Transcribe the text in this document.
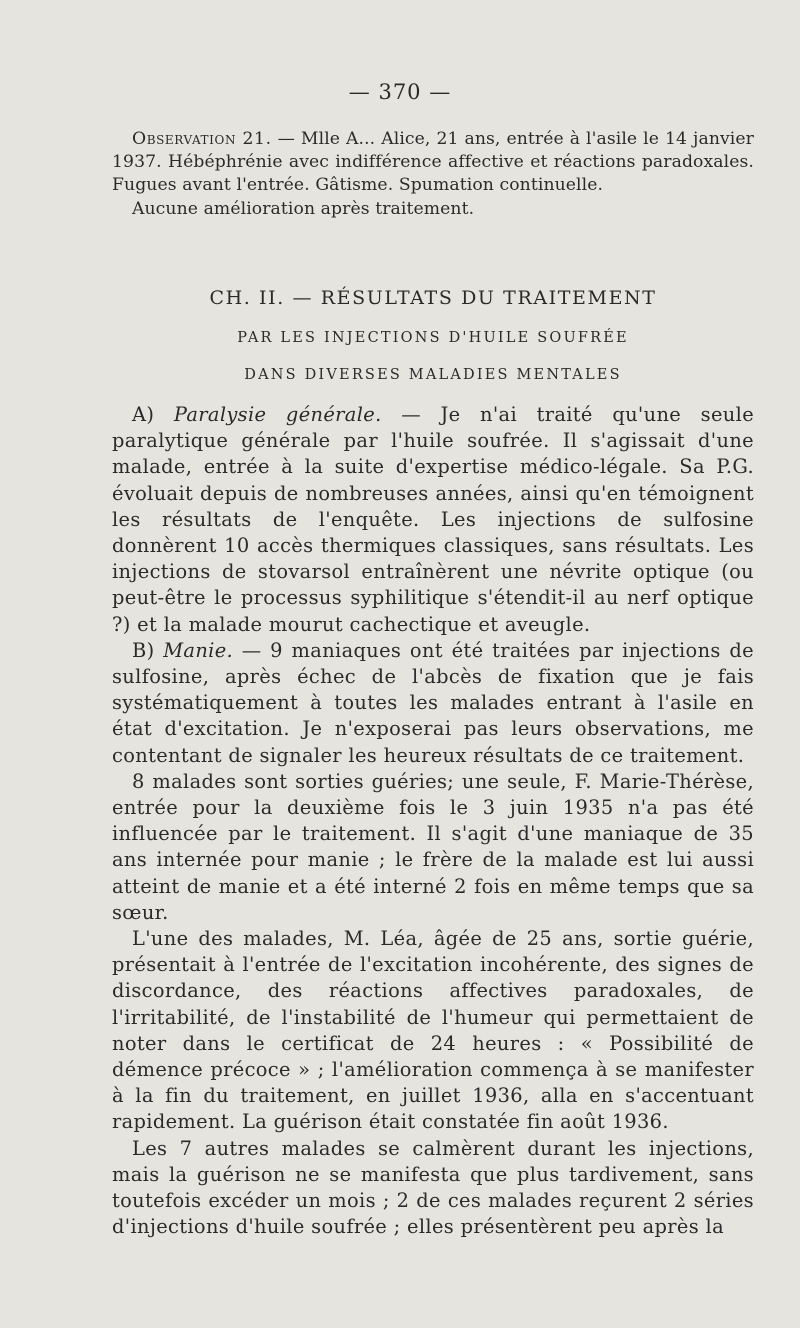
— 370 —

Observation 21. — Mlle A... Alice, 21 ans, entrée à l'asile le 14 janvier 1937. Hébéphrénie avec indifférence affective et réactions paradoxales. Fugues avant l'entrée. Gâtisme. Spumation continuelle.

Aucune amélioration après traitement.

CH. II. — RÉSULTATS DU TRAITEMENT
PAR LES INJECTIONS D'HUILE SOUFRÉE
DANS DIVERSES MALADIES MENTALES

A) Paralysie générale. — Je n'ai traité qu'une seule paralytique générale par l'huile soufrée. Il s'agissait d'une malade, entrée à la suite d'expertise médico-légale. Sa P.G. évoluait depuis de nombreuses années, ainsi qu'en témoignent les résultats de l'enquête. Les injections de sulfosine donnèrent 10 accès thermiques classiques, sans résultats. Les injections de stovarsol entraînèrent une névrite optique (ou peut-être le processus syphilitique s'étendit-il au nerf optique ?) et la malade mourut cachectique et aveugle.

B) Manie. — 9 maniaques ont été traitées par injections de sulfosine, après échec de l'abcès de fixation que je fais systématiquement à toutes les malades entrant à l'asile en état d'excitation. Je n'exposerai pas leurs observations, me contentant de signaler les heureux résultats de ce traitement.

8 malades sont sorties guéries; une seule, F. Marie-Thérèse, entrée pour la deuxième fois le 3 juin 1935 n'a pas été influencée par le traitement. Il s'agit d'une maniaque de 35 ans internée pour manie ; le frère de la malade est lui aussi atteint de manie et a été interné 2 fois en même temps que sa sœur.

L'une des malades, M. Léa, âgée de 25 ans, sortie guérie, présentait à l'entrée de l'excitation incohérente, des signes de discordance, des réactions affectives paradoxales, de l'irritabilité, de l'instabilité de l'humeur qui permettaient de noter dans le certificat de 24 heures : « Possibilité de démence précoce » ; l'amélioration commença à se manifester à la fin du traitement, en juillet 1936, alla en s'accentuant rapidement. La guérison était constatée fin août 1936.

Les 7 autres malades se calmèrent durant les injections, mais la guérison ne se manifesta que plus tardivement, sans toutefois excéder un mois ; 2 de ces malades reçurent 2 séries d'injections d'huile soufrée ; elles présentèrent peu après la
